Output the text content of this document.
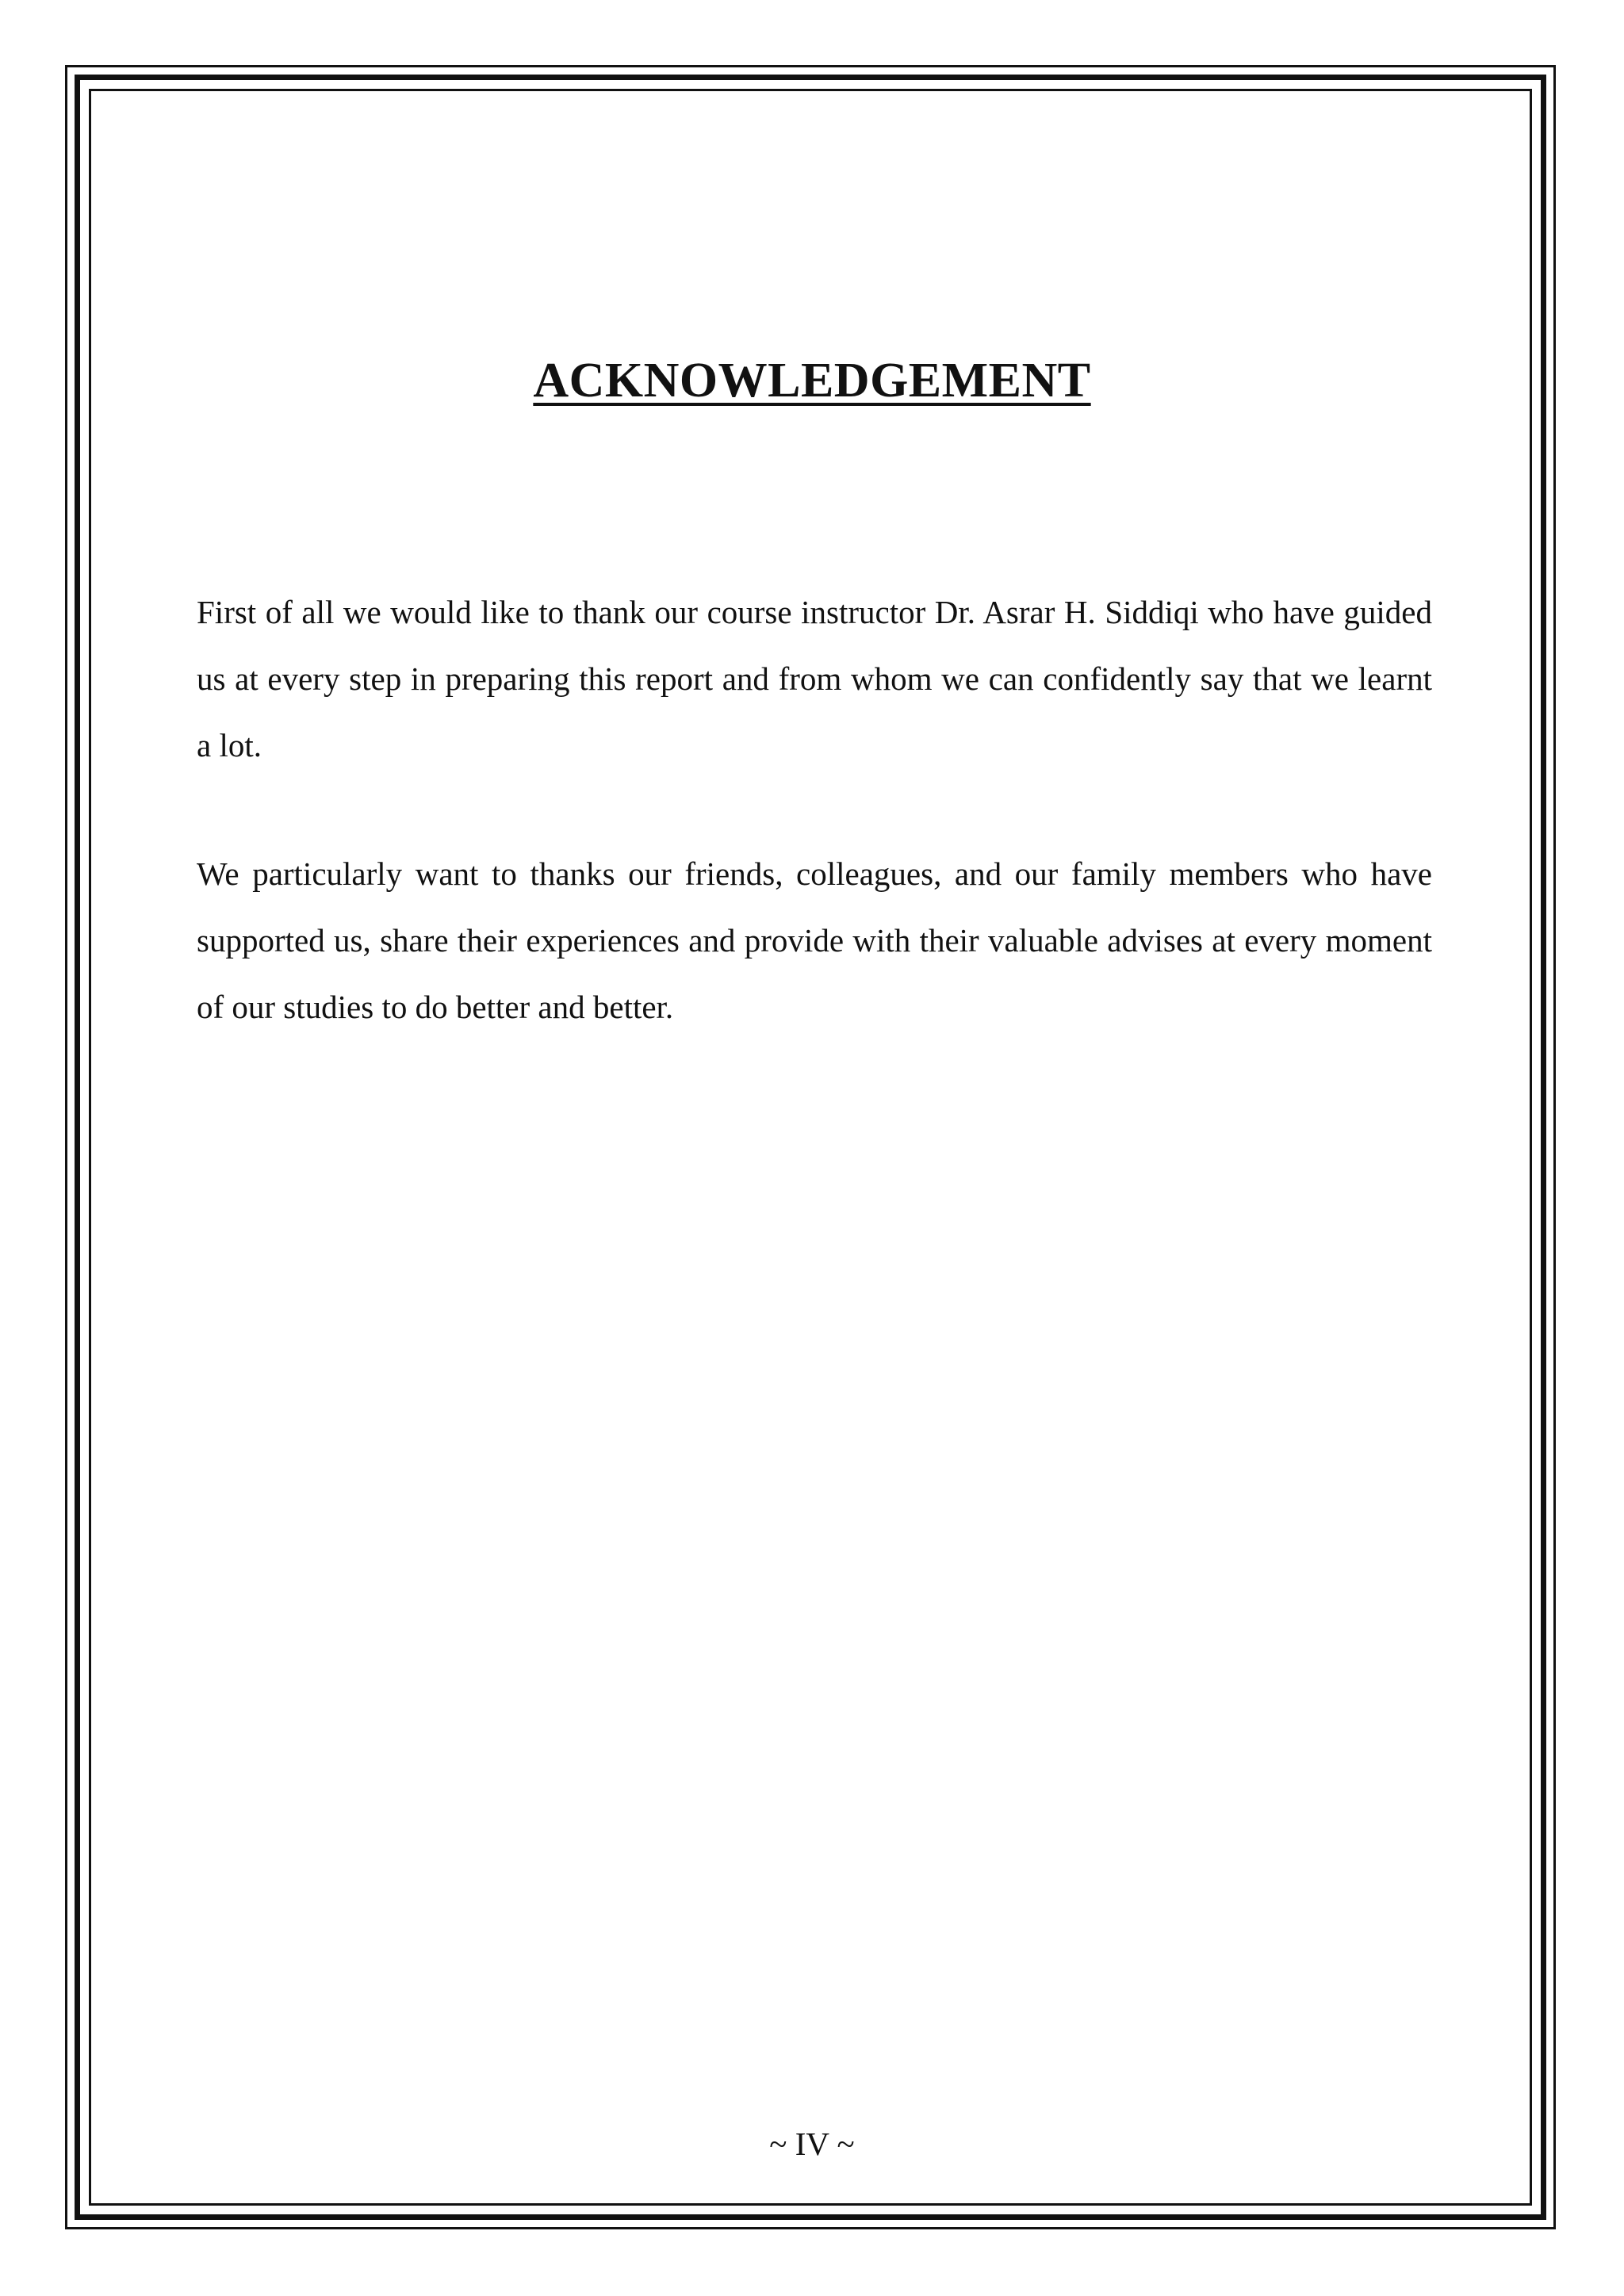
ACKNOWLEDGEMENT

First of all we would like to thank our course instructor Dr. Asrar H. Siddiqi who have guided us at every step in preparing this report and from whom we can confidently say that we learnt a lot.

We particularly want to thanks our friends, colleagues, and our family members who have supported us, share their experiences and provide with their valuable advises at every moment of our studies to do better and better.

~ IV ~
